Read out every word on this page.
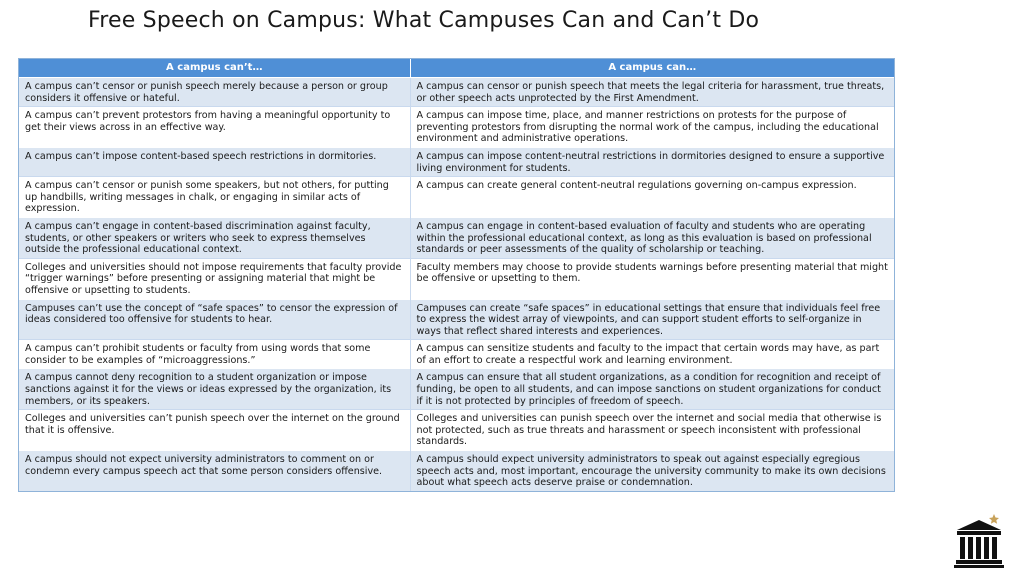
Free Speech on Campus: What Campuses Can and Can’t Do
A campus can’t…	A campus can…
A campus can’t censor or punish speech merely because a person or group considers it offensive or hateful.	A campus can censor or punish speech that meets the legal criteria for harassment, true threats, or other speech acts unprotected by the First Amendment.
A campus can’t prevent protestors from having a meaningful opportunity to get their views across in an effective way.	A campus can impose time, place, and manner restrictions on protests for the purpose of preventing protestors from disrupting the normal work of the campus, including the educational environment and administrative operations.
A campus can’t impose content-based speech restrictions in dormitories.	A campus can impose content-neutral restrictions in dormitories designed to ensure a supportive living environment for students.
A campus can’t censor or punish some speakers, but not others, for putting up handbills, writing messages in chalk, or engaging in similar acts of expression.	A campus can create general content-neutral regulations governing on-campus expression.
A campus can’t engage in content-based discrimination against faculty, students, or other speakers or writers who seek to express themselves outside the professional educational context.	A campus can engage in content-based evaluation of faculty and students who are operating within the professional educational context, as long as this evaluation is based on professional standards or peer assessments of the quality of scholarship or teaching.
Colleges and universities should not impose requirements that faculty provide “trigger warnings” before presenting or assigning material that might be offensive or upsetting to students.	Faculty members may choose to provide students warnings before presenting material that might be offensive or upsetting to them.
Campuses can’t use the concept of “safe spaces” to censor the expression of ideas considered too offensive for students to hear.	Campuses can create “safe spaces” in educational settings that ensure that individuals feel free to express the widest array of viewpoints, and can support student efforts to self-organize in ways that reflect shared interests and experiences.
A campus can’t prohibit students or faculty from using words that some consider to be examples of “microaggressions.”	A campus can sensitize students and faculty to the impact that certain words may have, as part of an effort to create a respectful work and learning environment.
A campus cannot deny recognition to a student organization or impose sanctions against it for the views or ideas expressed by the organization, its members, or its speakers.	A campus can ensure that all student organizations, as a condition for recognition and receipt of funding, be open to all students, and can impose sanctions on student organizations for conduct if it is not protected by principles of freedom of speech.
Colleges and universities can’t punish speech over the internet on the ground that it is offensive.	Colleges and universities can punish speech over the internet and social media that otherwise is not protected, such as true threats and harassment or speech inconsistent with professional standards.
A campus should not expect university administrators to comment on or condemn every campus speech act that some person considers offensive.	A campus should expect university administrators to speak out against especially egregious speech acts and, most important, encourage the university community to make its own decisions about what speech acts deserve praise or condemnation.
